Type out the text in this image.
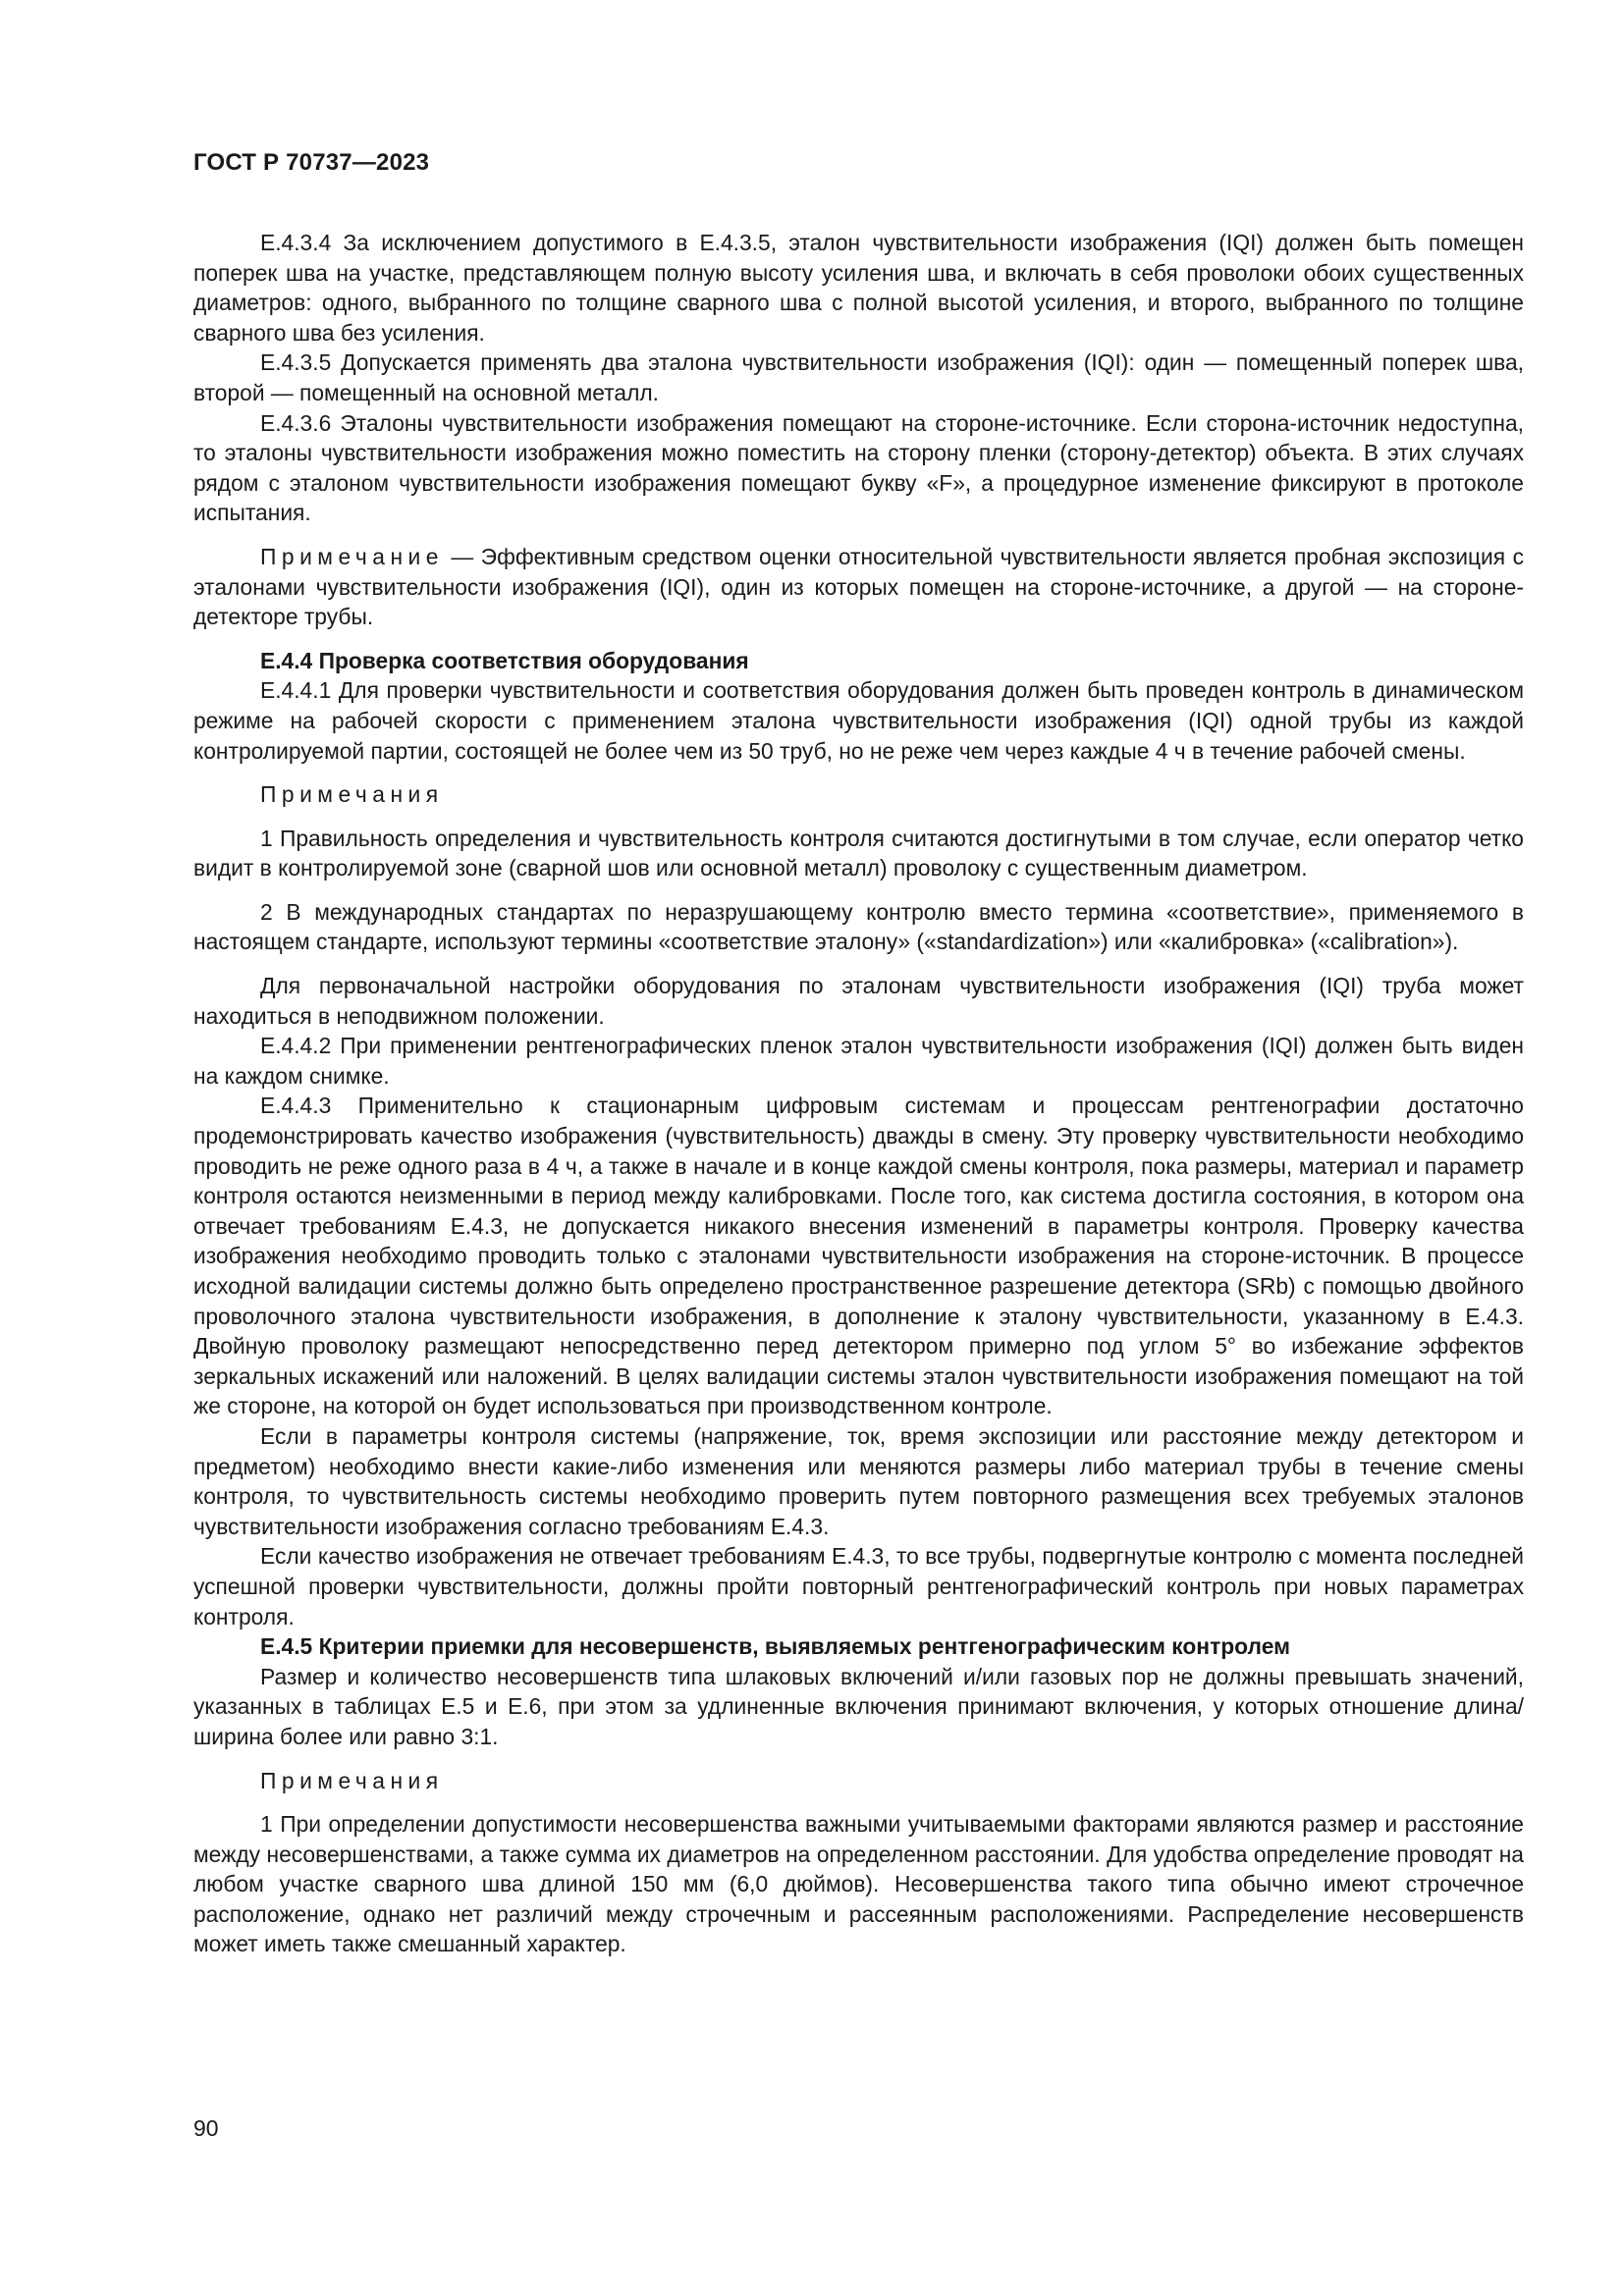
ГОСТ Р 70737—2023

E.4.3.4 За исключением допустимого в E.4.3.5, эталон чувствительности изображения (IQI) должен быть помещен поперек шва на участке, представляющем полную высоту усиления шва, и включать в себя проволоки обоих существенных диаметров: одного, выбранного по толщине сварного шва с полной высотой усиления, и второго, выбранного по толщине сварного шва без усиления.

E.4.3.5 Допускается применять два эталона чувствительности изображения (IQI): один — помещенный поперек шва, второй — помещенный на основной металл.

E.4.3.6 Эталоны чувствительности изображения помещают на стороне-источнике. Если сторона-источник недоступна, то эталоны чувствительности изображения можно поместить на сторону пленки (сторону-детектор) объекта. В этих случаях рядом с эталоном чувствительности изображения помещают букву «F», а процедурное изменение фиксируют в протоколе испытания.

Примечание — Эффективным средством оценки относительной чувствительности является пробная экспозиция с эталонами чувствительности изображения (IQI), один из которых помещен на стороне-источнике, а другой — на стороне-детекторе трубы.

E.4.4 Проверка соответствия оборудования

E.4.4.1 Для проверки чувствительности и соответствия оборудования должен быть проведен контроль в динамическом режиме на рабочей скорости с применением эталона чувствительности изображения (IQI) одной трубы из каждой контролируемой партии, состоящей не более чем из 50 труб, но не реже чем через каждые 4 ч в течение рабочей смены.

Примечания

1 Правильность определения и чувствительность контроля считаются достигнутыми в том случае, если оператор четко видит в контролируемой зоне (сварной шов или основной металл) проволоку с существенным диаметром.

2 В международных стандартах по неразрушающему контролю вместо термина «соответствие», применяемого в настоящем стандарте, используют термины «соответствие эталону» («standardization») или «калибровка» («calibration»).

Для первоначальной настройки оборудования по эталонам чувствительности изображения (IQI) труба может находиться в неподвижном положении.

E.4.4.2 При применении рентгенографических пленок эталон чувствительности изображения (IQI) должен быть виден на каждом снимке.

E.4.4.3 Применительно к стационарным цифровым системам и процессам рентгенографии достаточно продемонстрировать качество изображения (чувствительность) дважды в смену. Эту проверку чувствительности необходимо проводить не реже одного раза в 4 ч, а также в начале и в конце каждой смены контроля, пока размеры, материал и параметр контроля остаются неизменными в период между калибровками. После того, как система достигла состояния, в котором она отвечает требованиям E.4.3, не допускается никакого внесения изменений в параметры контроля. Проверку качества изображения необходимо проводить только с эталонами чувствительности изображения на стороне-источник. В процессе исходной валидации системы должно быть определено пространственное разрешение детектора (SRb) с помощью двойного проволочного эталона чувствительности изображения, в дополнение к эталону чувствительности, указанному в E.4.3. Двойную проволоку размещают непосредственно перед детектором примерно под углом 5° во избежание эффектов зеркальных искажений или наложений. В целях валидации системы эталон чувствительности изображения помещают на той же стороне, на которой он будет использоваться при производственном контроле.

Если в параметры контроля системы (напряжение, ток, время экспозиции или расстояние между детектором и предметом) необходимо внести какие-либо изменения или меняются размеры либо материал трубы в течение смены контроля, то чувствительность системы необходимо проверить путем повторного размещения всех требуемых эталонов чувствительности изображения согласно требованиям E.4.3.

Если качество изображения не отвечает требованиям E.4.3, то все трубы, подвергнутые контролю с момента последней успешной проверки чувствительности, должны пройти повторный рентгенографический контроль при новых параметрах контроля.

E.4.5 Критерии приемки для несовершенств, выявляемых рентгенографическим контролем

Размер и количество несовершенств типа шлаковых включений и/или газовых пор не должны превышать значений, указанных в таблицах E.5 и E.6, при этом за удлиненные включения принимают включения, у которых отношение длина/ширина более или равно 3:1.

Примечания

1 При определении допустимости несовершенства важными учитываемыми факторами являются размер и расстояние между несовершенствами, а также сумма их диаметров на определенном расстоянии. Для удобства определение проводят на любом участке сварного шва длиной 150 мм (6,0 дюймов). Несовершенства такого типа обычно имеют строчечное расположение, однако нет различий между строчечным и рассеянным расположениями. Распределение несовершенств может иметь также смешанный характер.

90
